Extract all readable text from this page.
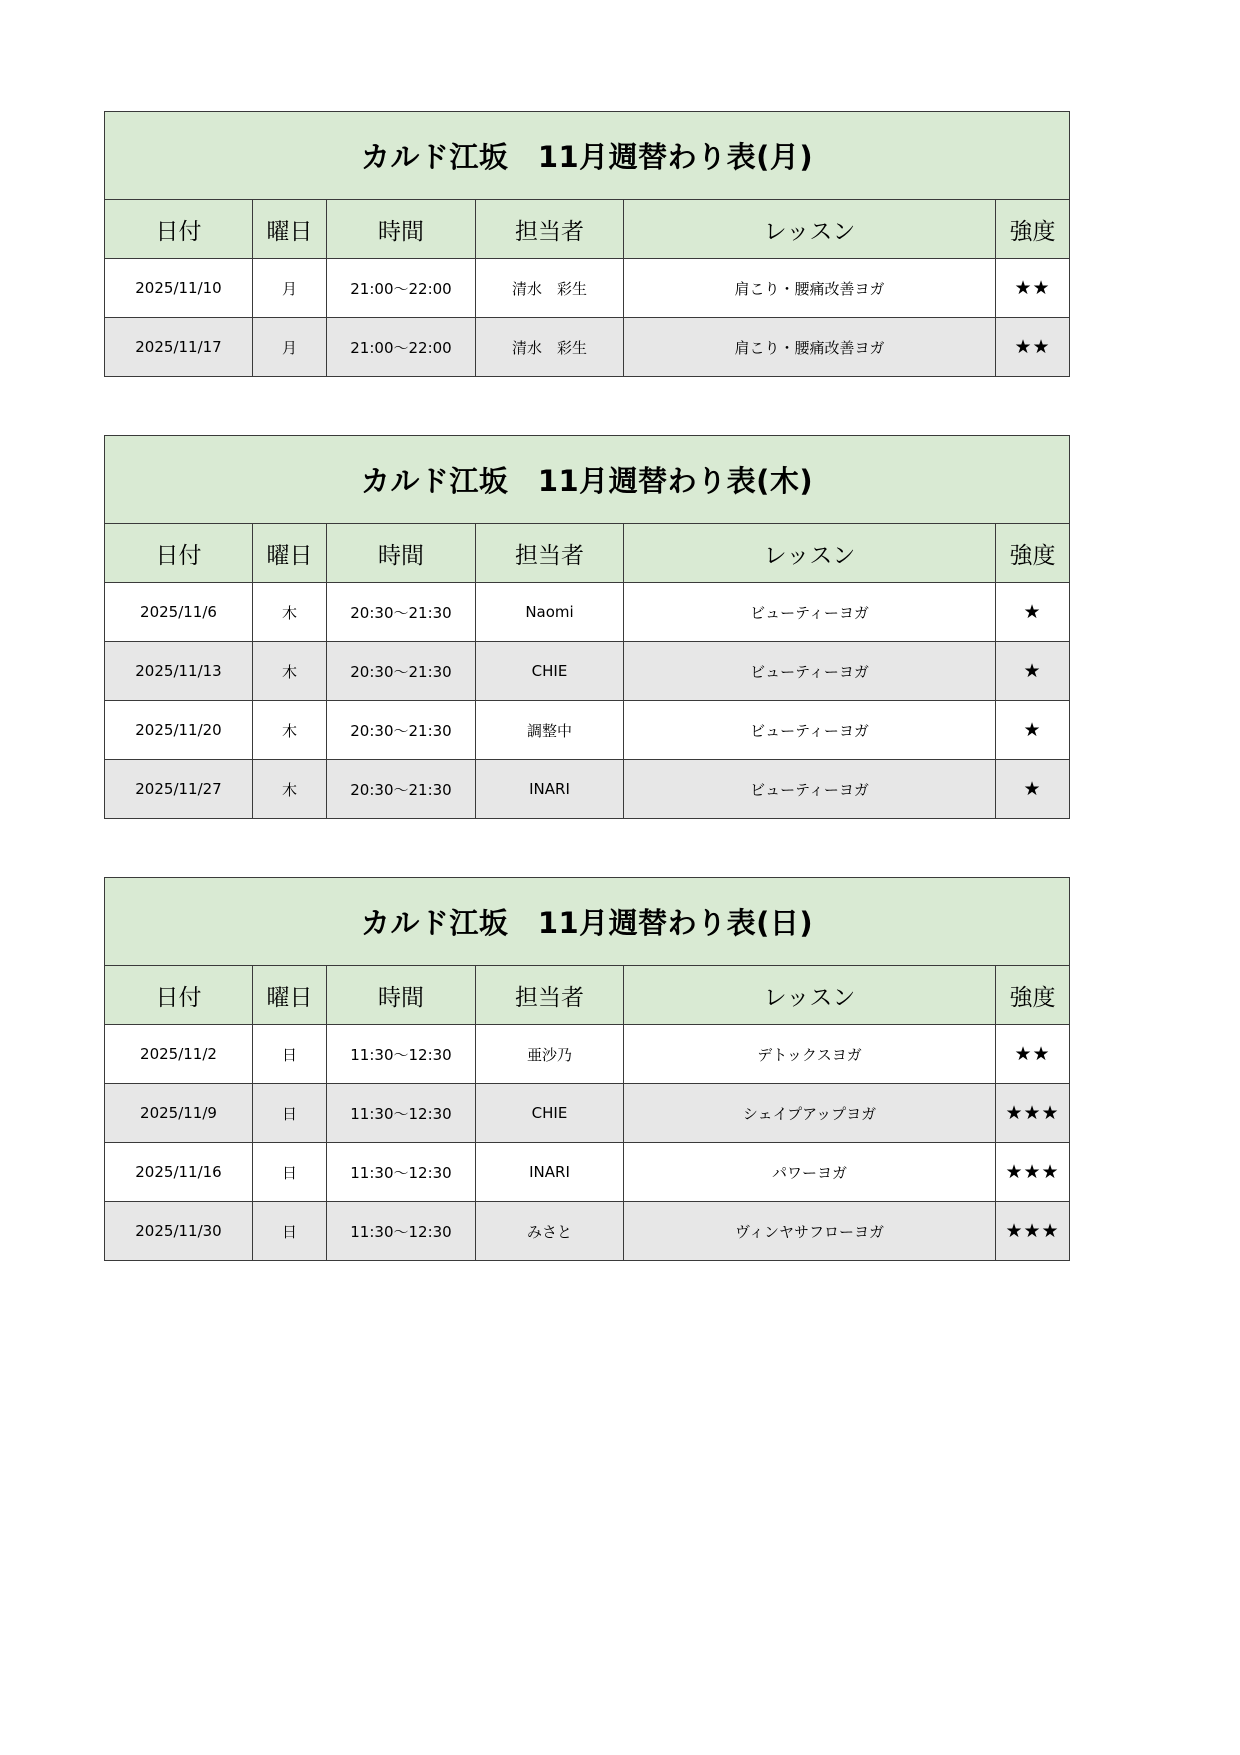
カルド江坂　11月週替わり表(月)					
日付	曜日	時間	担当者	レッスン	強度
2025/11/10	月	21:00～22:00	清水　彩生	肩こり・腰痛改善ヨガ	★★
2025/11/17	月	21:00～22:00	清水　彩生	肩こり・腰痛改善ヨガ	★★
カルド江坂　11月週替わり表(木)					
日付	曜日	時間	担当者	レッスン	強度
2025/11/6	木	20:30～21:30	Naomi	ビューティーヨガ	★
2025/11/13	木	20:30～21:30	CHIE	ビューティーヨガ	★
2025/11/20	木	20:30～21:30	調整中	ビューティーヨガ	★
2025/11/27	木	20:30～21:30	INARI	ビューティーヨガ	★
カルド江坂　11月週替わり表(日)					
日付	曜日	時間	担当者	レッスン	強度
2025/11/2	日	11:30～12:30	亜沙乃	デトックスヨガ	★★
2025/11/9	日	11:30～12:30	CHIE	シェイプアップヨガ	★★★
2025/11/16	日	11:30～12:30	INARI	パワーヨガ	★★★
2025/11/30	日	11:30～12:30	みさと	ヴィンヤサフローヨガ	★★★
